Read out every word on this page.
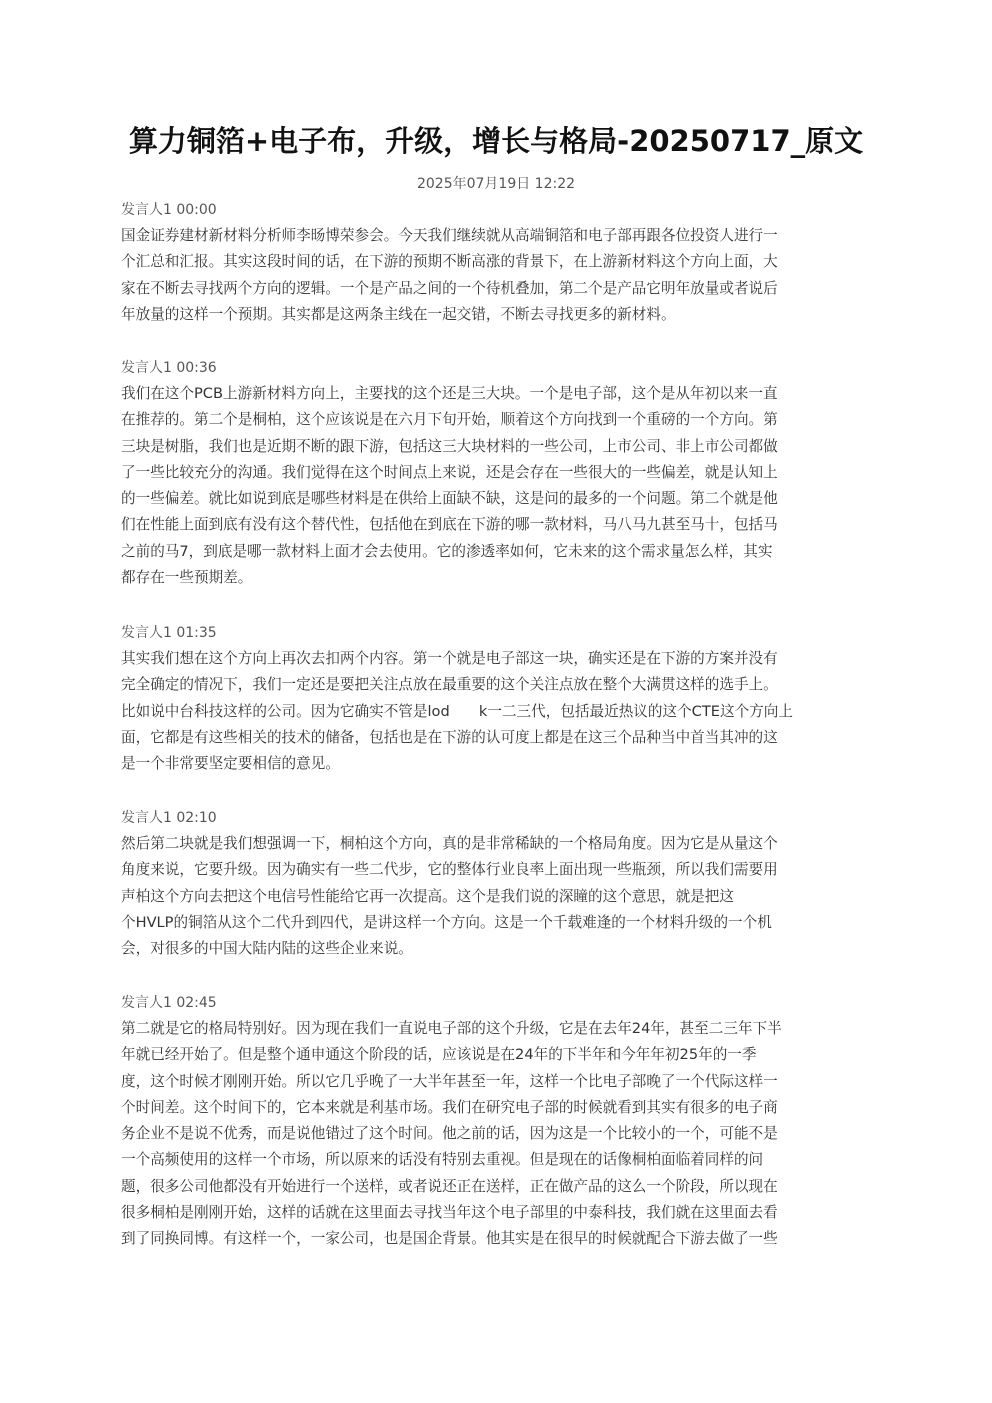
算力铜箔+电子布，升级，增长与格局-20250717_原文
2025年07月19日 12:22
发言人1 00:00

国金证券建材新材料分析师李旸博荣参会。今天我们继续就从高端铜箔和电子部再跟各位投资人进行一
个汇总和汇报。其实这段时间的话，在下游的预期不断高涨的背景下，在上游新材料这个方向上面，大
家在不断去寻找两个方向的逻辑。一个是产品之间的一个待机叠加，第二个是产品它明年放量或者说后
年放量的这样一个预期。其实都是这两条主线在一起交错，不断去寻找更多的新材料。

发言人1 00:36

我们在这个PCB上游新材料方向上，主要找的这个还是三大块。一个是电子部，这个是从年初以来一直
在推荐的。第二个是桐柏，这个应该说是在六月下旬开始，顺着这个方向找到一个重磅的一个方向。第
三块是树脂，我们也是近期不断的跟下游，包括这三大块材料的一些公司，上市公司、非上市公司都做
了一些比较充分的沟通。我们觉得在这个时间点上来说，还是会存在一些很大的一些偏差，就是认知上
的一些偏差。就比如说到底是哪些材料是在供给上面缺不缺，这是问的最多的一个问题。第二个就是他
们在性能上面到底有没有这个替代性，包括他在到底在下游的哪一款材料，马八马九甚至马十，包括马
之前的马7，到底是哪一款材料上面才会去使用。它的渗透率如何，它未来的这个需求量怎么样，其实
都存在一些预期差。

发言人1 01:35

其实我们想在这个方向上再次去扣两个内容。第一个就是电子部这一块，确实还是在下游的方案并没有
完全确定的情况下，我们一定还是要把关注点放在最重要的这个关注点放在整个大满贯这样的选手上。
比如说中台科技这样的公司。因为它确实不管是lod　　k一二三代，包括最近热议的这个CTE这个方向上
面，它都是有这些相关的技术的储备，包括也是在下游的认可度上都是在这三个品种当中首当其冲的这
是一个非常要坚定要相信的意见。

发言人1 02:10

然后第二块就是我们想强调一下，桐柏这个方向，真的是非常稀缺的一个格局角度。因为它是从量这个
角度来说，它要升级。因为确实有一些二代步，它的整体行业良率上面出现一些瓶颈，所以我们需要用
声柏这个方向去把这个电信号性能给它再一次提高。这个是我们说的深瞳的这个意思，就是把这
个HVLP的铜箔从这个二代升到四代，是讲这样一个方向。这是一个千载难逢的一个材料升级的一个机
会，对很多的中国大陆内陆的这些企业来说。

发言人1 02:45

第二就是它的格局特别好。因为现在我们一直说电子部的这个升级，它是在去年24年，甚至二三年下半
年就已经开始了。但是整个通申通这个阶段的话，应该说是在24年的下半年和今年年初25年的一季
度，这个时候才刚刚开始。所以它几乎晚了一大半年甚至一年，这样一个比电子部晚了一个代际这样一
个时间差。这个时间下的，它本来就是利基市场。我们在研究电子部的时候就看到其实有很多的电子商
务企业不是说不优秀，而是说他错过了这个时间。他之前的话，因为这是一个比较小的一个，可能不是
一个高频使用的这样一个市场，所以原来的话没有特别去重视。但是现在的话像桐柏面临着同样的问
题，很多公司他都没有开始进行一个送样，或者说还正在送样，正在做产品的这么一个阶段，所以现在
很多桐柏是刚刚开始，这样的话就在这里面去寻找当年这个电子部里的中泰科技，我们就在这里面去看
到了同换同博。有这样一个，一家公司，也是国企背景。他其实是在很早的时候就配合下游去做了一些
